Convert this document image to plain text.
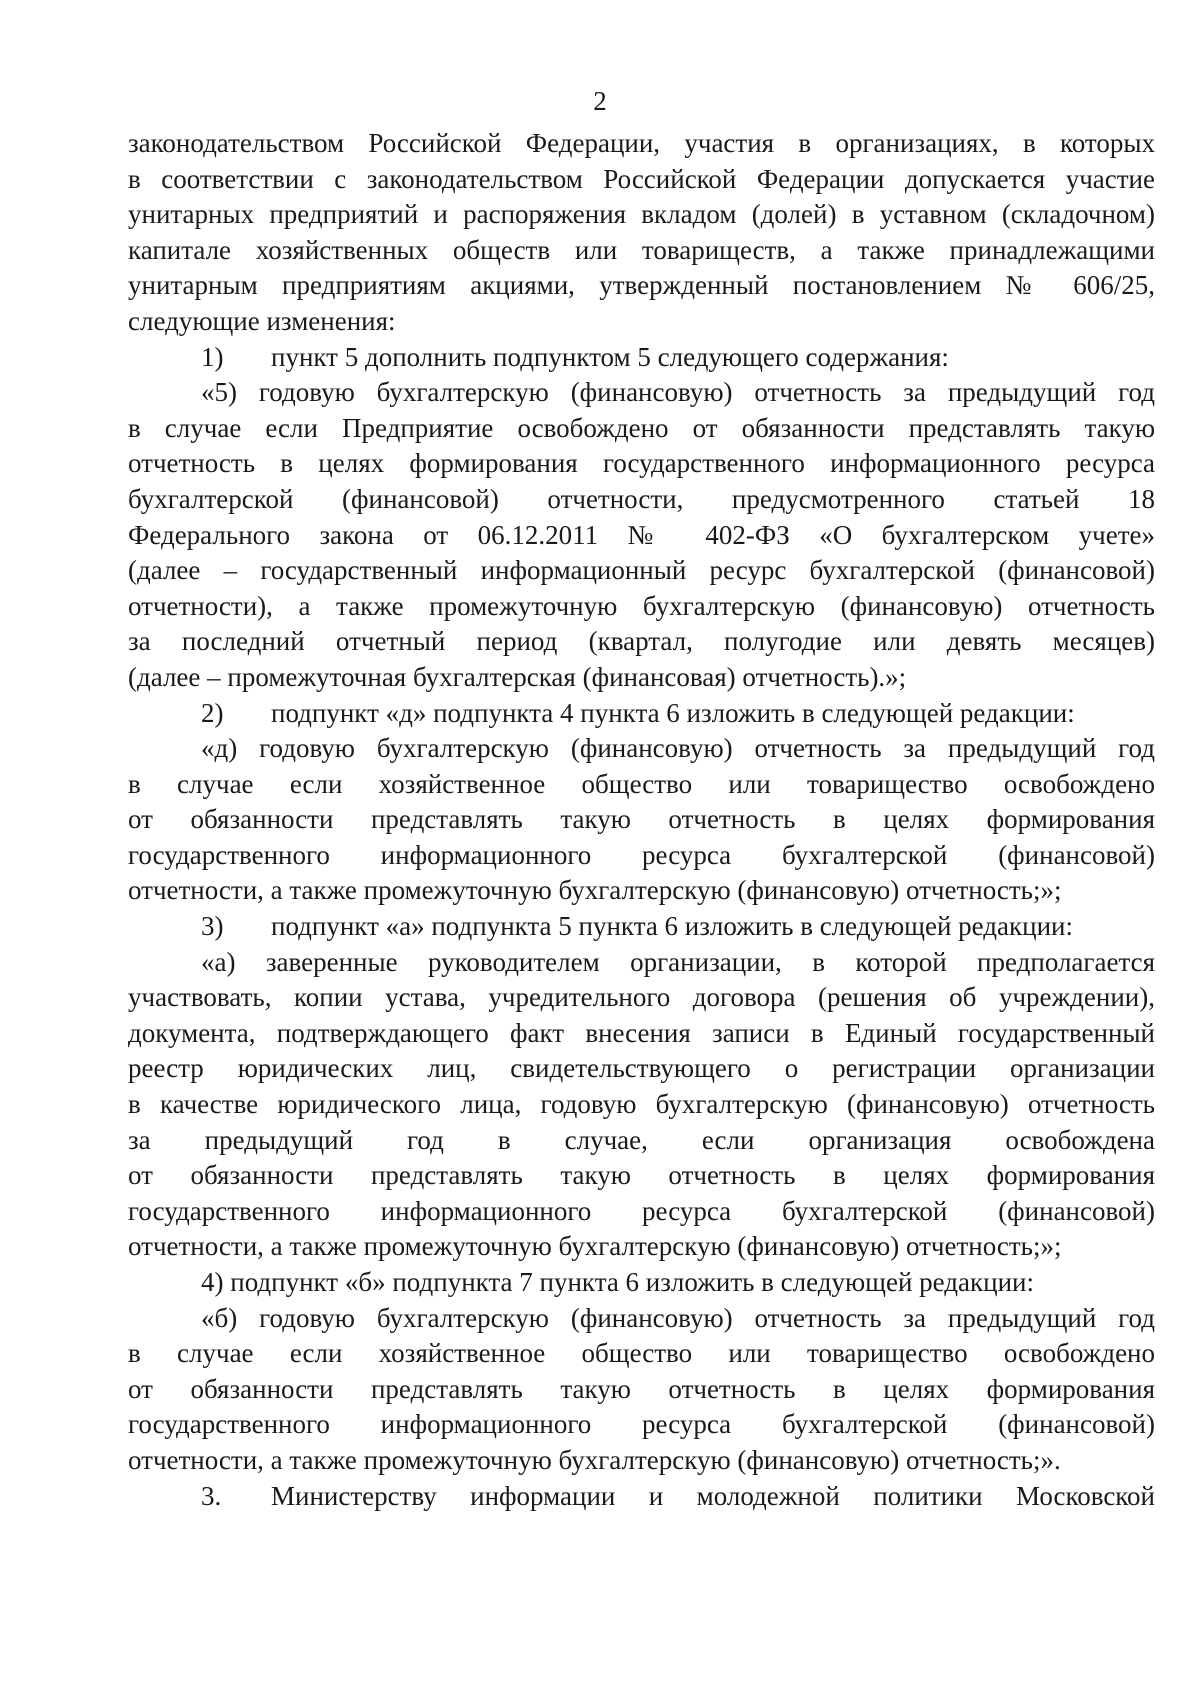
2
законодательством Российской Федерации, участия в организациях, в которых
в соответствии с законодательством Российской Федерации допускается участие
унитарных предприятий и распоряжения вкладом (долей) в уставном (складочном)
капитале хозяйственных обществ или товариществ, а также принадлежащими
унитарным предприятиям акциями, утвержденный постановлением № 606/25,
следующие изменения:
1) пункт 5 дополнить подпунктом 5 следующего содержания:
«5) годовую бухгалтерскую (финансовую) отчетность за предыдущий год
в случае если Предприятие освобождено от обязанности представлять такую
отчетность в целях формирования государственного информационного ресурса
бухгалтерской (финансовой) отчетности, предусмотренного статьей 18
Федерального закона от 06.12.2011 № 402-ФЗ «О бухгалтерском учете»
(далее – государственный информационный ресурс бухгалтерской (финансовой)
отчетности), а также промежуточную бухгалтерскую (финансовую) отчетность
за последний отчетный период (квартал, полугодие или девять месяцев)
(далее – промежуточная бухгалтерская (финансовая) отчетность).»;
2) подпункт «д» подпункта 4 пункта 6 изложить в следующей редакции:
«д) годовую бухгалтерскую (финансовую) отчетность за предыдущий год
в случае если хозяйственное общество или товарищество освобождено
от обязанности представлять такую отчетность в целях формирования
государственного информационного ресурса бухгалтерской (финансовой)
отчетности, а также промежуточную бухгалтерскую (финансовую) отчетность;»;
3) подпункт «а» подпункта 5 пункта 6 изложить в следующей редакции:
«а) заверенные руководителем организации, в которой предполагается
участвовать, копии устава, учредительного договора (решения об учреждении),
документа, подтверждающего факт внесения записи в Единый государственный
реестр юридических лиц, свидетельствующего о регистрации организации
в качестве юридического лица, годовую бухгалтерскую (финансовую) отчетность
за предыдущий год в случае, если организация освобождена
от обязанности представлять такую отчетность в целях формирования
государственного информационного ресурса бухгалтерской (финансовой)
отчетности, а также промежуточную бухгалтерскую (финансовую) отчетность;»;
4) подпункт «б» подпункта 7 пункта 6 изложить в следующей редакции:
«б) годовую бухгалтерскую (финансовую) отчетность за предыдущий год
в случае если хозяйственное общество или товарищество освобождено
от обязанности представлять такую отчетность в целях формирования
государственного информационного ресурса бухгалтерской (финансовой)
отчетности, а также промежуточную бухгалтерскую (финансовую) отчетность;».
3.	Министерству информации и молодежной политики Московской
